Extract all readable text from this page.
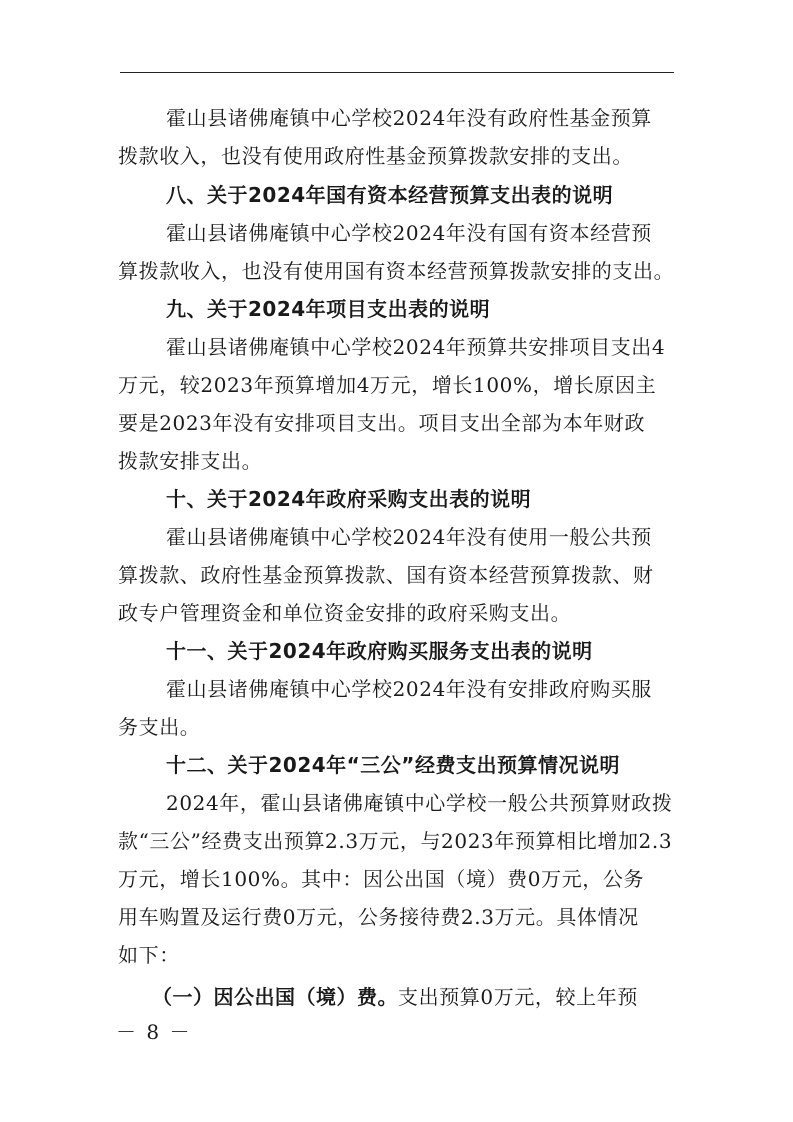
霍山县诸佛庵镇中心学校2024年没有政府性基金预算
拨款收入，也没有使用政府性基金预算拨款安排的支出。
八、关于2024年国有资本经营预算支出表的说明
霍山县诸佛庵镇中心学校2024年没有国有资本经营预
算拨款收入，也没有使用国有资本经营预算拨款安排的支出。
九、关于2024年项目支出表的说明
霍山县诸佛庵镇中心学校2024年预算共安排项目支出4
万元，较2023年预算增加4万元，增长100%，增长原因主
要是2023年没有安排项目支出。项目支出全部为本年财政
拨款安排支出。
十、关于2024年政府采购支出表的说明
霍山县诸佛庵镇中心学校2024年没有使用一般公共预
算拨款、政府性基金预算拨款、国有资本经营预算拨款、财
政专户管理资金和单位资金安排的政府采购支出。
十一、关于2024年政府购买服务支出表的说明
霍山县诸佛庵镇中心学校2024年没有安排政府购买服
务支出。
十二、关于2024年“三公”经费支出预算情况说明
2024年，霍山县诸佛庵镇中心学校一般公共预算财政拨
款“三公”经费支出预算2.3万元，与2023年预算相比增加2.3
万元，增长100%。其中：因公出国（境）费0万元，公务
用车购置及运行费0万元，公务接待费2.3万元。具体情况
如下：
（一）因公出国（境）费。支出预算0万元，较上年预
－ 8 －
